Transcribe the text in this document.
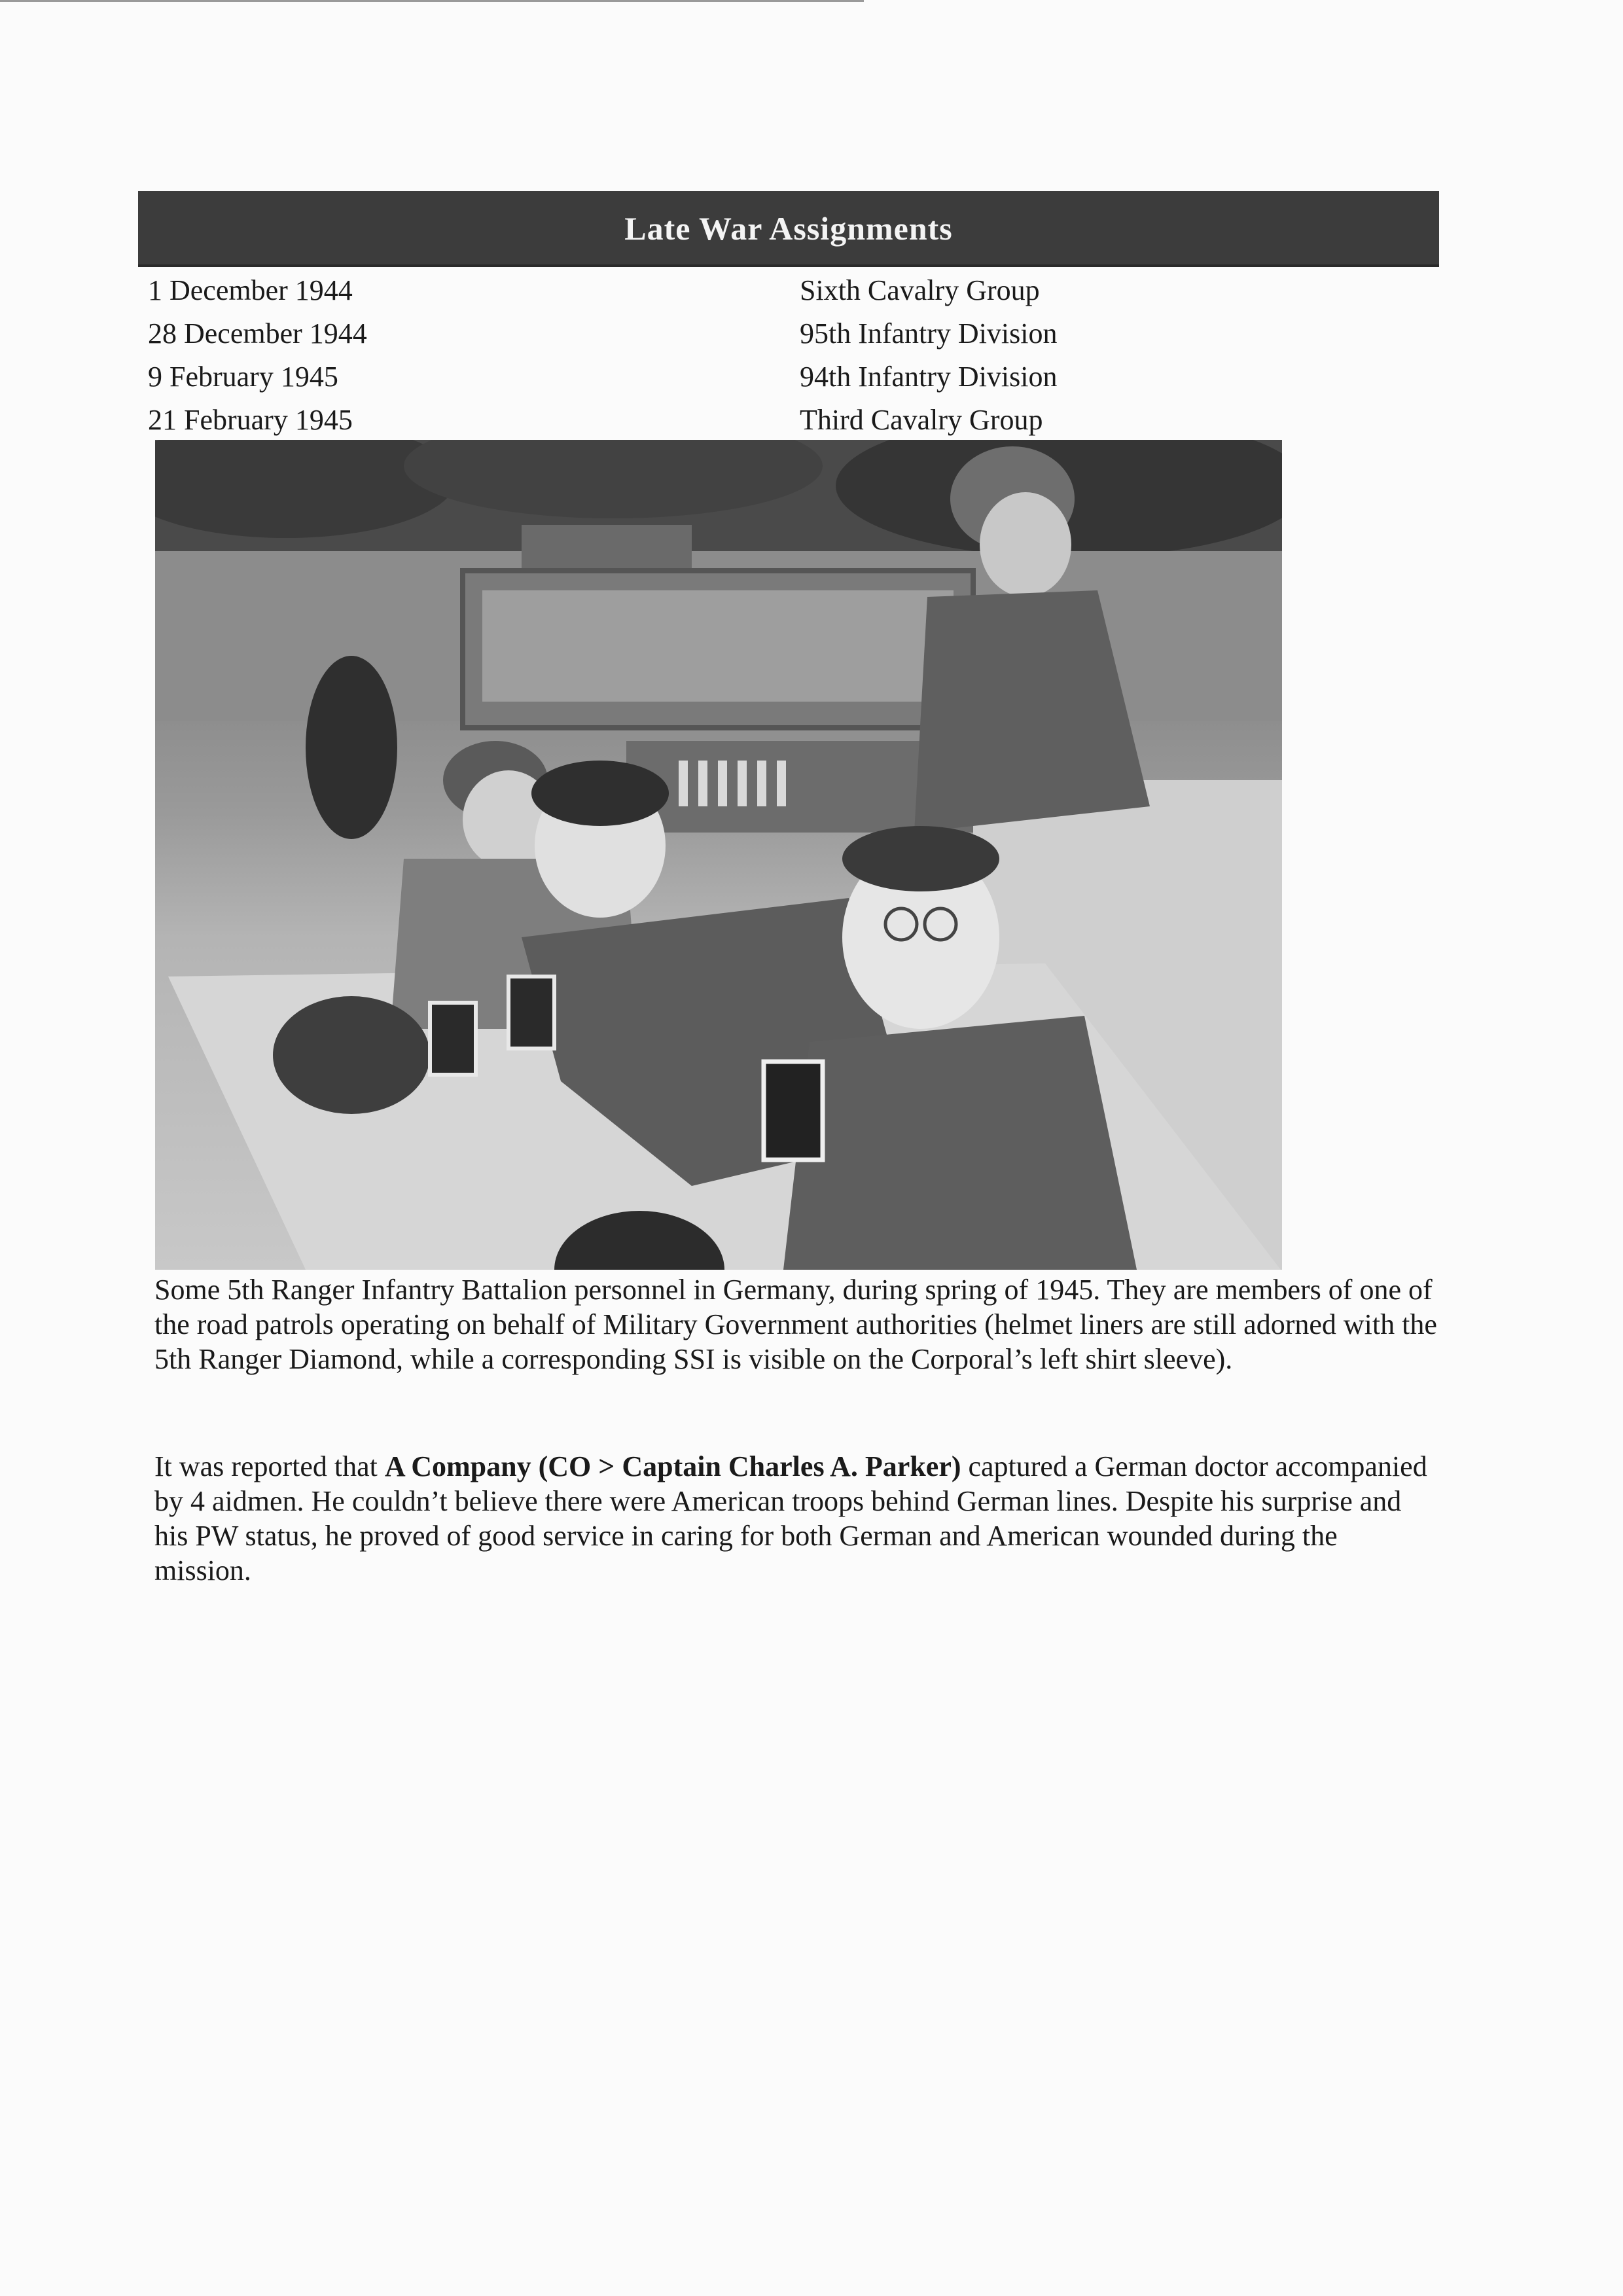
Late War Assignments
1 December 1944	Sixth Cavalry Group
28 December 1944	95th Infantry Division
9 February 1945	94th Infantry Division
21 February 1945	Third Cavalry Group
Some 5th Ranger Infantry Battalion personnel in Germany, during spring of 1945. They are members of one of the road patrols operating on behalf of Military Government authorities (helmet liners are still adorned with the 5th Ranger Diamond, while a corresponding SSI is visible on the Corporal’s left shirt sleeve).
It was reported that A Company (CO > Captain Charles A. Parker) captured a German doctor accompanied by 4 aidmen. He couldn’t believe there were American troops behind German lines. Despite his surprise and his PW status, he proved of good service in caring for both German and American wounded during the mission.
